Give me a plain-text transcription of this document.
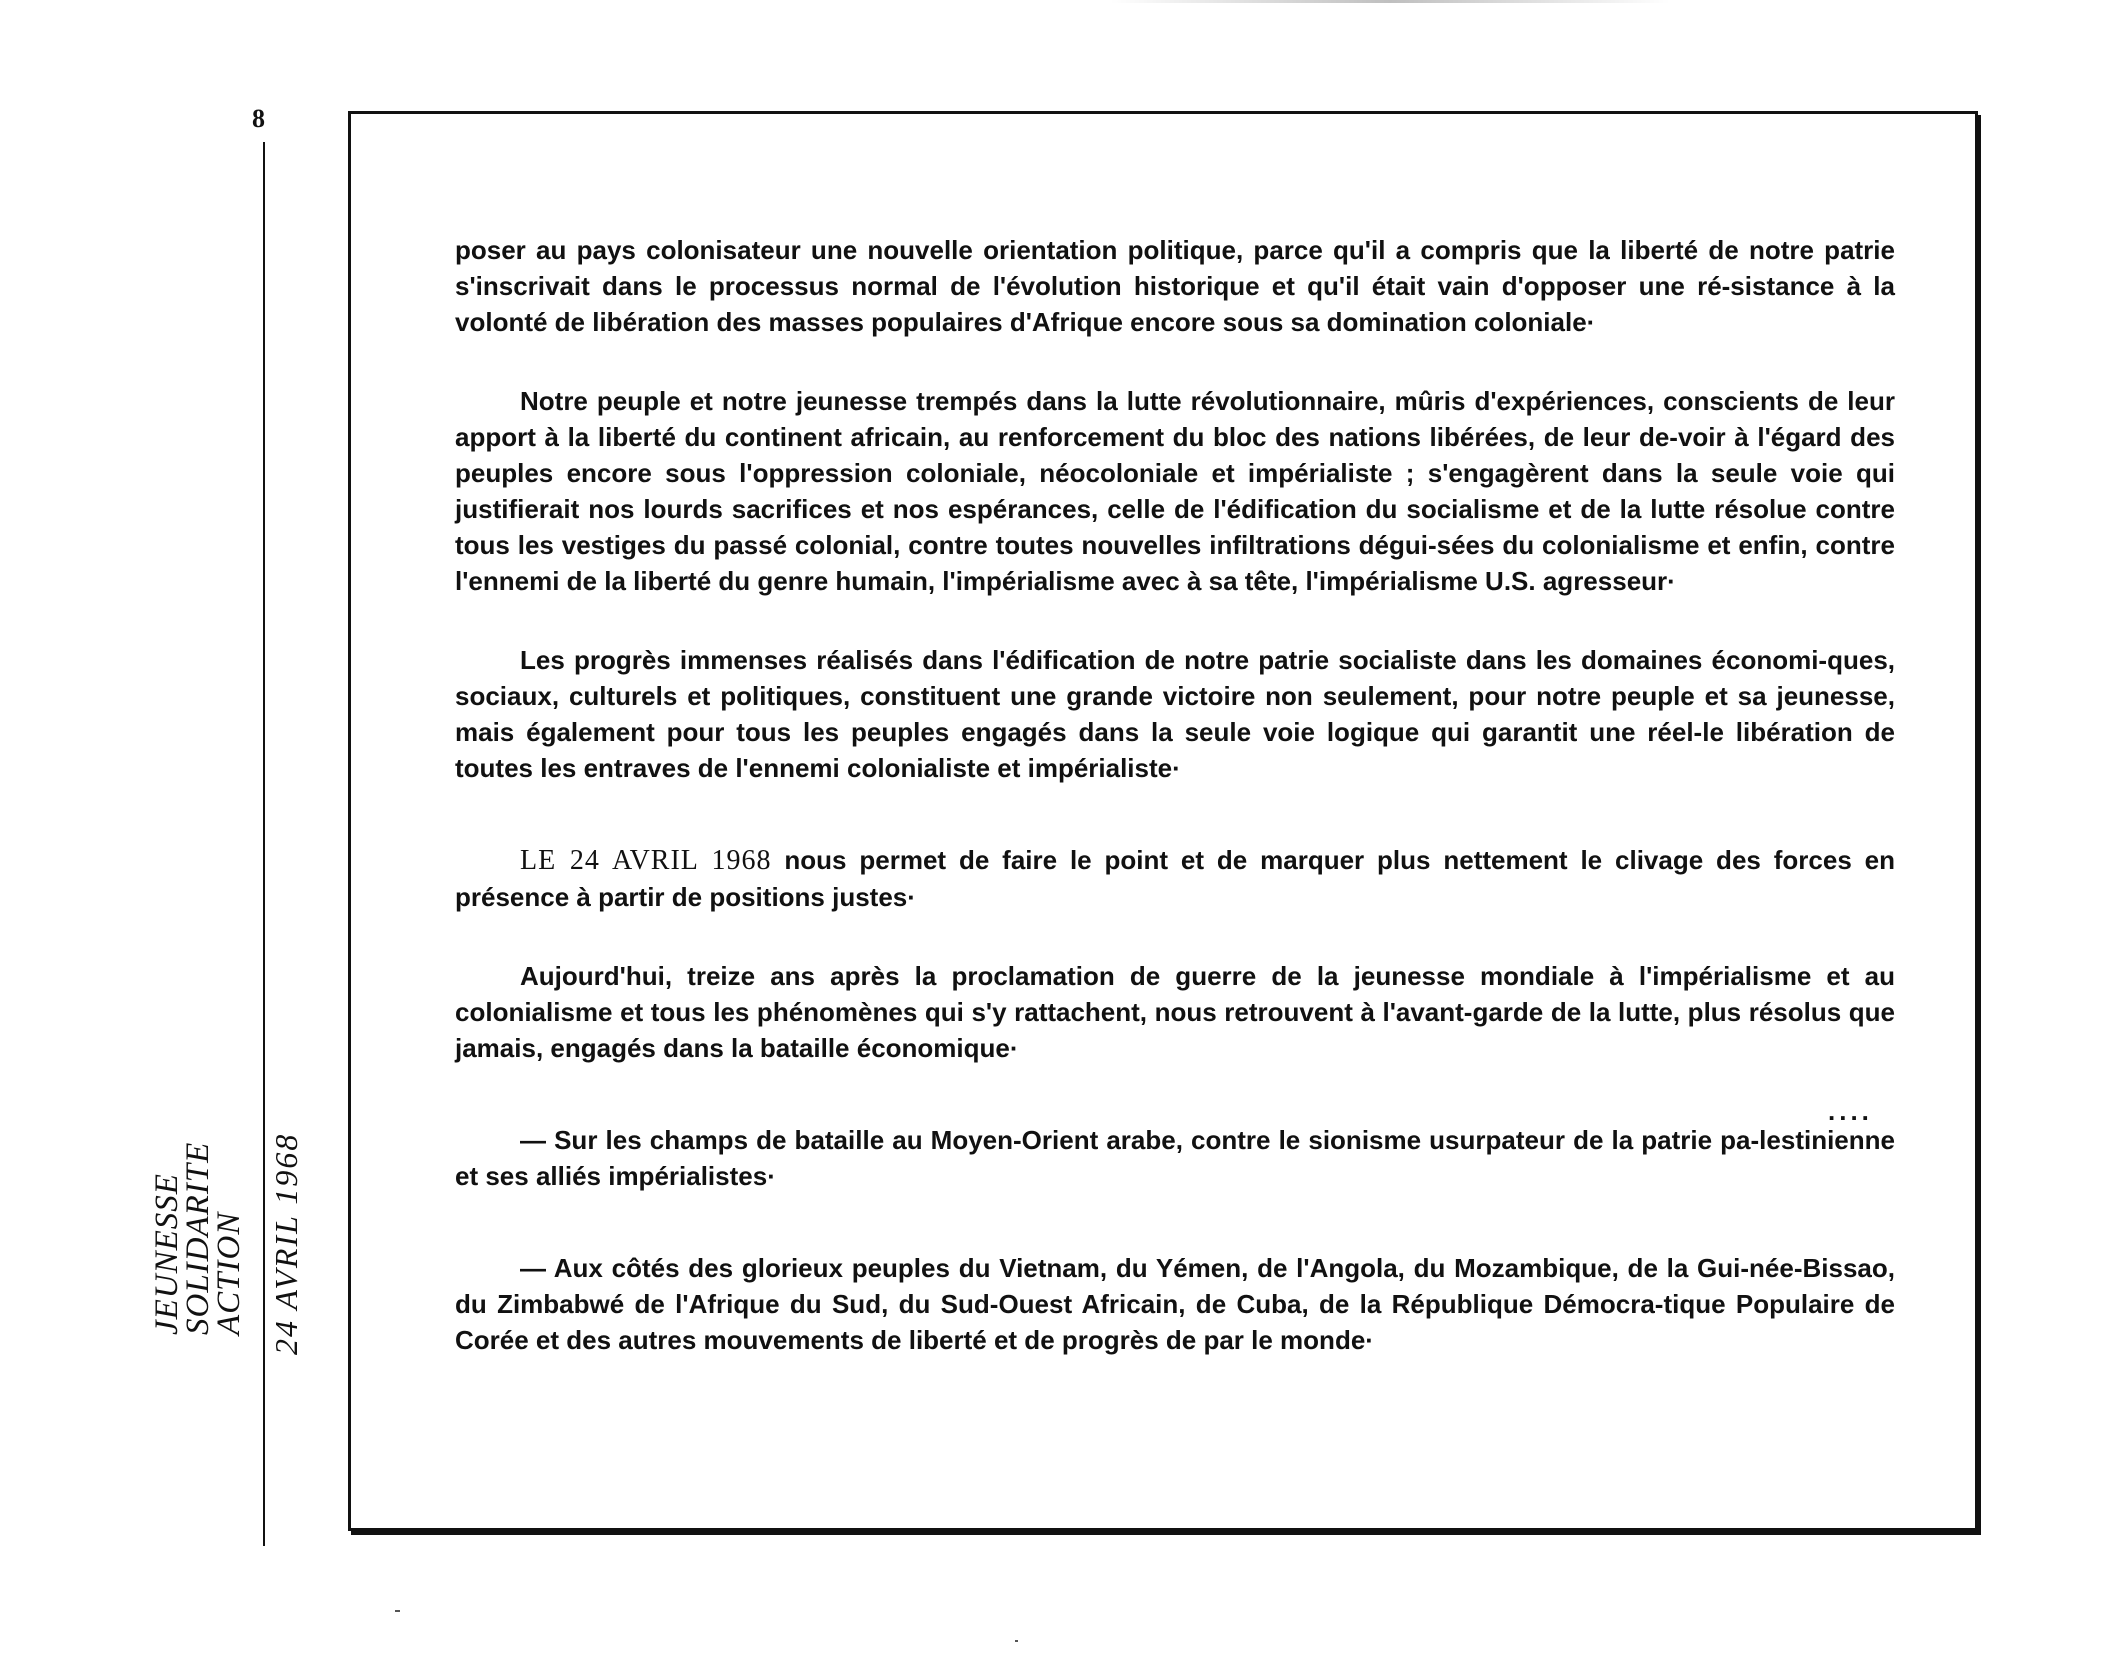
8
JEUNESSE
SOLIDARITE
ACTION 24 AVRIL 1968

poser au pays colonisateur une nouvelle orientation politique, parce qu'il a compris que la liberté de notre patrie s'inscrivait dans le processus normal de l'évolution historique et qu'il était vain d'opposer une ré-sistance à la volonté de libération des masses populaires d'Afrique encore sous sa domination coloniale·

Notre peuple et notre jeunesse trempés dans la lutte révolutionnaire, mûris d'expériences, conscients de leur apport à la liberté du continent africain, au renforcement du bloc des nations libérées, de leur de-voir à l'égard des peuples encore sous l'oppression coloniale, néocoloniale et impérialiste ; s'engagèrent dans la seule voie qui justifierait nos lourds sacrifices et nos espérances, celle de l'édification du socialisme et de la lutte résolue contre tous les vestiges du passé colonial, contre toutes nouvelles infiltrations dégui-sées du colonialisme et enfin, contre l'ennemi de la liberté du genre humain, l'impérialisme avec à sa tête, l'impérialisme U.S. agresseur·

Les progrès immenses réalisés dans l'édification de notre patrie socialiste dans les domaines économi-ques, sociaux, culturels et politiques, constituent une grande victoire non seulement, pour notre peuple et sa jeunesse, mais également pour tous les peuples engagés dans la seule voie logique qui garantit une réel-le libération de toutes les entraves de l'ennemi colonialiste et impérialiste·

LE 24 AVRIL 1968 nous permet de faire le point et de marquer plus nettement le clivage des forces en présence à partir de positions justes·

Aujourd'hui, treize ans après la proclamation de guerre de la jeunesse mondiale à l'impérialisme et au colonialisme et tous les phénomènes qui s'y rattachent, nous retrouvent à l'avant-garde de la lutte, plus résolus que jamais, engagés dans la bataille économique·

— Sur les champs de bataille au Moyen-Orient arabe, contre le sionisme usurpateur de la patrie pa-lestinienne et ses alliés impérialistes·

— Aux côtés des glorieux peuples du Vietnam, du Yémen, de l'Angola, du Mozambique, de la Gui-née-Bissao, du Zimbabwé de l'Afrique du Sud, du Sud-Ouest Africain, de Cuba, de la République Démocra-tique Populaire de Corée et des autres mouvements de liberté et de progrès de par le monde·

....
